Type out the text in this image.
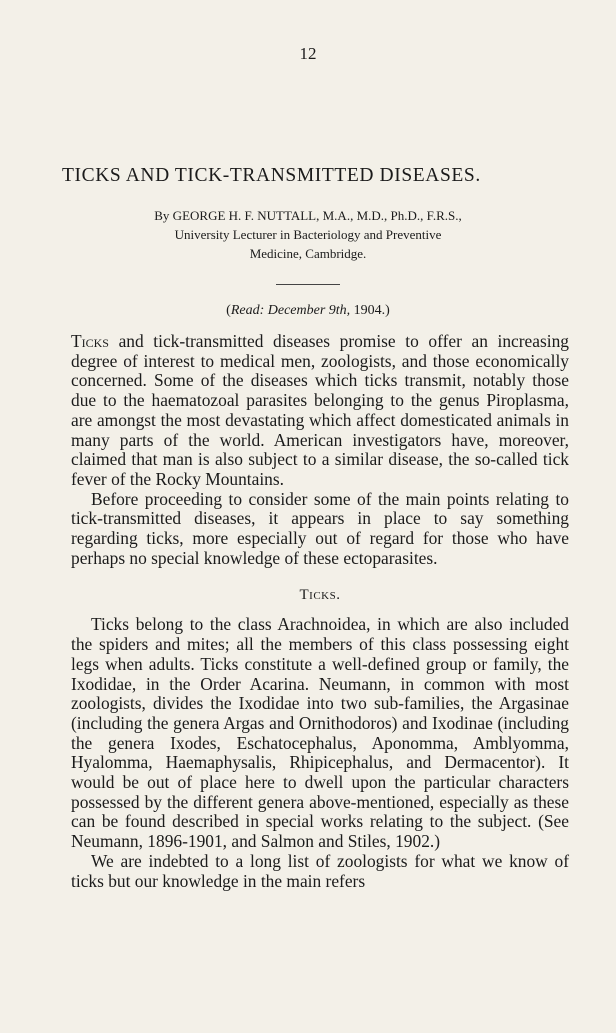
12
TICKS AND TICK-TRANSMITTED DISEASES.
By GEORGE H. F. NUTTALL, M.A., M.D., Ph.D., F.R.S.,
University Lecturer in Bacteriology and Preventive
Medicine, Cambridge.
(Read: December 9th, 1904.)

Ticks and tick-transmitted diseases promise to offer an increasing degree of interest to medical men, zoologists, and those economically concerned. Some of the diseases which ticks transmit, notably those due to the haematozoal parasites belonging to the genus Piroplasma, are amongst the most devastating which affect domesticated animals in many parts of the world. American investigators have, moreover, claimed that man is also subject to a similar disease, the so-called tick fever of the Rocky Mountains.

Before proceeding to consider some of the main points relating to tick-transmitted diseases, it appears in place to say something regarding ticks, more especially out of regard for those who have perhaps no special knowledge of these ectoparasites.

Ticks.

Ticks belong to the class Arachnoidea, in which are also included the spiders and mites; all the members of this class possessing eight legs when adults. Ticks constitute a well-defined group or family, the Ixodidae, in the Order Acarina. Neumann, in common with most zoologists, divides the Ixodidae into two sub-families, the Argasinae (including the genera Argas and Ornithodoros) and Ixodinae (including the genera Ixodes, Eschatocephalus, Aponomma, Amblyomma, Hyalomma, Haemaphysalis, Rhipicephalus, and Dermacentor). It would be out of place here to dwell upon the particular characters possessed by the different genera above-mentioned, especially as these can be found described in special works relating to the subject. (See Neumann, 1896-1901, and Salmon and Stiles, 1902.)

We are indebted to a long list of zoologists for what we know of ticks but our knowledge in the main refers
